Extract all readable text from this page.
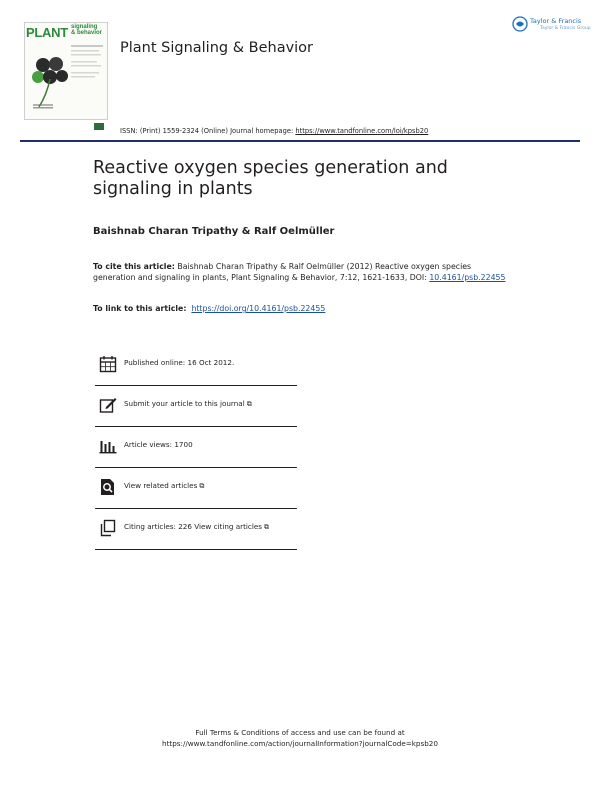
PLANT signaling
& behavior
Plant Signaling & Behavior
Taylor & Francis
Taylor & Francis Group
ISSN: (Print) 1559-2324 (Online) Journal homepage: https://www.tandfonline.com/loi/kpsb20
Reactive oxygen species generation and signaling in plants
Baishnab Charan Tripathy & Ralf Oelmüller
To cite this article: Baishnab Charan Tripathy & Ralf Oelmüller (2012) Reactive oxygen species generation and signaling in plants, Plant Signaling & Behavior, 7:12, 1621-1633, DOI: 10.4161/psb.22455
To link to this article: https://doi.org/10.4161/psb.22455
Published online: 16 Oct 2012.
Submit your article to this journal ⧉
Article views: 1700
View related articles ⧉
Citing articles: 226 View citing articles ⧉
Full Terms & Conditions of access and use can be found at
https://www.tandfonline.com/action/journalInformation?journalCode=kpsb20
